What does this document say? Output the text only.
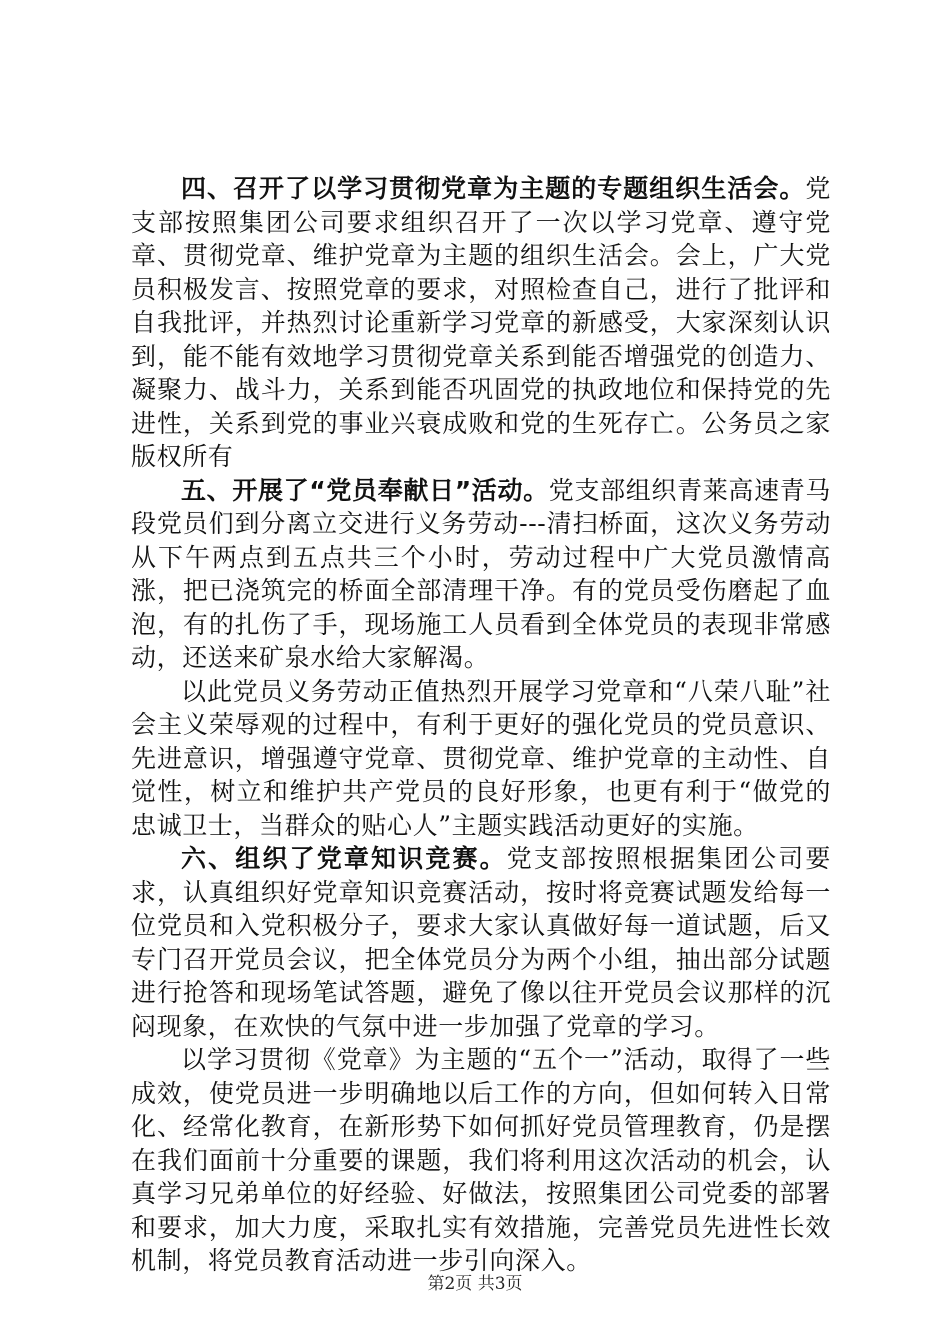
四、召开了以学习贯彻党章为主题的专题组织生活会。党支部按照集团公司要求组织召开了一次以学习党章、遵守党章、贯彻党章、维护党章为主题的组织生活会。会上，广大党员积极发言、按照党章的要求，对照检查自己，进行了批评和自我批评，并热烈讨论重新学习党章的新感受，大家深刻认识到，能不能有效地学习贯彻党章关系到能否增强党的创造力、凝聚力、战斗力，关系到能否巩固党的执政地位和保持党的先进性，关系到党的事业兴衰成败和党的生死存亡。公务员之家版权所有

五、开展了“党员奉献日”活动。党支部组织青莱高速青马段党员们到分离立交进行义务劳动---清扫桥面，这次义务劳动从下午两点到五点共三个小时，劳动过程中广大党员激情高涨，把已浇筑完的桥面全部清理干净。有的党员受伤磨起了血泡，有的扎伤了手，现场施工人员看到全体党员的表现非常感动，还送来矿泉水给大家解渴。

以此党员义务劳动正值热烈开展学习党章和“八荣八耻”社会主义荣辱观的过程中，有利于更好的强化党员的党员意识、先进意识，增强遵守党章、贯彻党章、维护党章的主动性、自觉性，树立和维护共产党员的良好形象，也更有利于“做党的忠诚卫士，当群众的贴心人”主题实践活动更好的实施。

六、组织了党章知识竞赛。党支部按照根据集团公司要求，认真组织好党章知识竞赛活动，按时将竞赛试题发给每一位党员和入党积极分子，要求大家认真做好每一道试题，后又专门召开党员会议，把全体党员分为两个小组，抽出部分试题进行抢答和现场笔试答题，避免了像以往开党员会议那样的沉闷现象，在欢快的气氛中进一步加强了党章的学习。

以学习贯彻《党章》为主题的“五个一”活动，取得了一些成效，使党员进一步明确地以后工作的方向，但如何转入日常化、经常化教育，在新形势下如何抓好党员管理教育，仍是摆在我们面前十分重要的课题，我们将利用这次活动的机会，认真学习兄弟单位的好经验、好做法，按照集团公司党委的部署和要求，加大力度，采取扎实有效措施，完善党员先进性长效机制，将党员教育活动进一步引向深入。

第2页 共3页
